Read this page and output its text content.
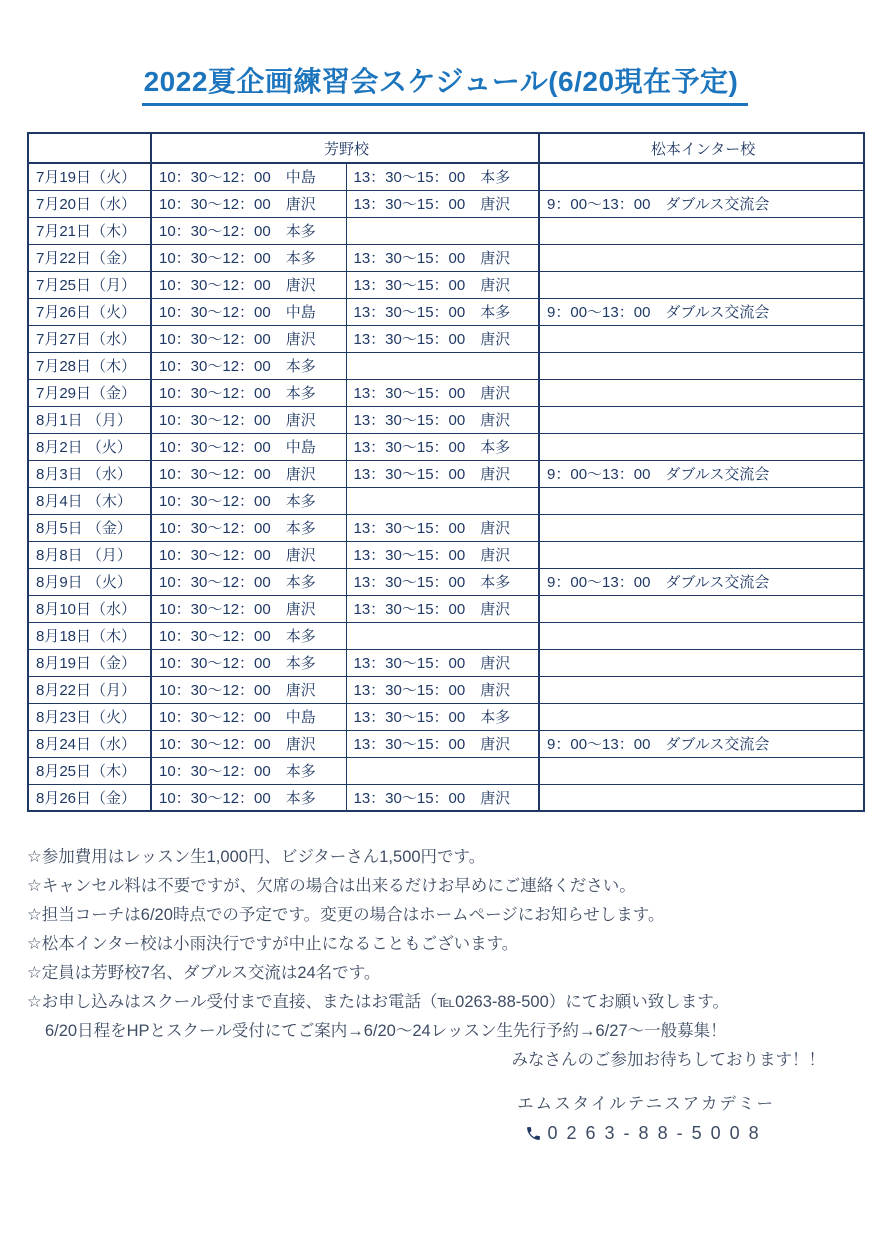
2022夏企画練習会スケジュール(6/20現在予定)
	芳野校		松本インター校
7月19日（火）	10：30～12：00　中島	13：30～15：00　本多	
7月20日（水）	10：30～12：00　唐沢	13：30～15：00　唐沢	9：00～13：00　ダブルス交流会
7月21日（木）	10：30～12：00　本多		
7月22日（金）	10：30～12：00　本多	13：30～15：00　唐沢	
7月25日（月）	10：30～12：00　唐沢	13：30～15：00　唐沢	
7月26日（火）	10：30～12：00　中島	13：30～15：00　本多	9：00～13：00　ダブルス交流会
7月27日（水）	10：30～12：00　唐沢	13：30～15：00　唐沢	
7月28日（木）	10：30～12：00　本多		
7月29日（金）	10：30～12：00　本多	13：30～15：00　唐沢	
8月1日 （月）	10：30～12：00　唐沢	13：30～15：00　唐沢	
8月2日 （火）	10：30～12：00　中島	13：30～15：00　本多	
8月3日 （水）	10：30～12：00　唐沢	13：30～15：00　唐沢	9：00～13：00　ダブルス交流会
8月4日 （木）	10：30～12：00　本多		
8月5日 （金）	10：30～12：00　本多	13：30～15：00　唐沢	
8月8日 （月）	10：30～12：00　唐沢	13：30～15：00　唐沢	
8月9日 （火）	10：30～12：00　本多	13：30～15：00　本多	9：00～13：00　ダブルス交流会
8月10日（水）	10：30～12：00　唐沢	13：30～15：00　唐沢	
8月18日（木）	10：30～12：00　本多		
8月19日（金）	10：30～12：00　本多	13：30～15：00　唐沢	
8月22日（月）	10：30～12：00　唐沢	13：30～15：00　唐沢	
8月23日（火）	10：30～12：00　中島	13：30～15：00　本多	
8月24日（水）	10：30～12：00　唐沢	13：30～15：00　唐沢	9：00～13：00　ダブルス交流会
8月25日（木）	10：30～12：00　本多		
8月26日（金）	10：30～12：00　本多	13：30～15：00　唐沢	
☆参加費用はレッスン生1,000円、ビジターさん1,500円です。
☆キャンセル料は不要ですが、欠席の場合は出来るだけお早めにご連絡ください。
☆担当コーチは6/20時点での予定です。変更の場合はホームページにお知らせします。
☆松本インター校は小雨決行ですが中止になることもございます。
☆定員は芳野校7名、ダブルス交流は24名です。
☆お申し込みはスクール受付まで直接、またはお電話（℡0263-88-500）にてお願い致します。
6/20日程をHPとスクール受付にてご案内→6/20～24レッスン生先行予約→6/27～一般募集！
みなさんのご参加お待ちしております！！
エムスタイルテニスアカデミー
0263-88-5008
